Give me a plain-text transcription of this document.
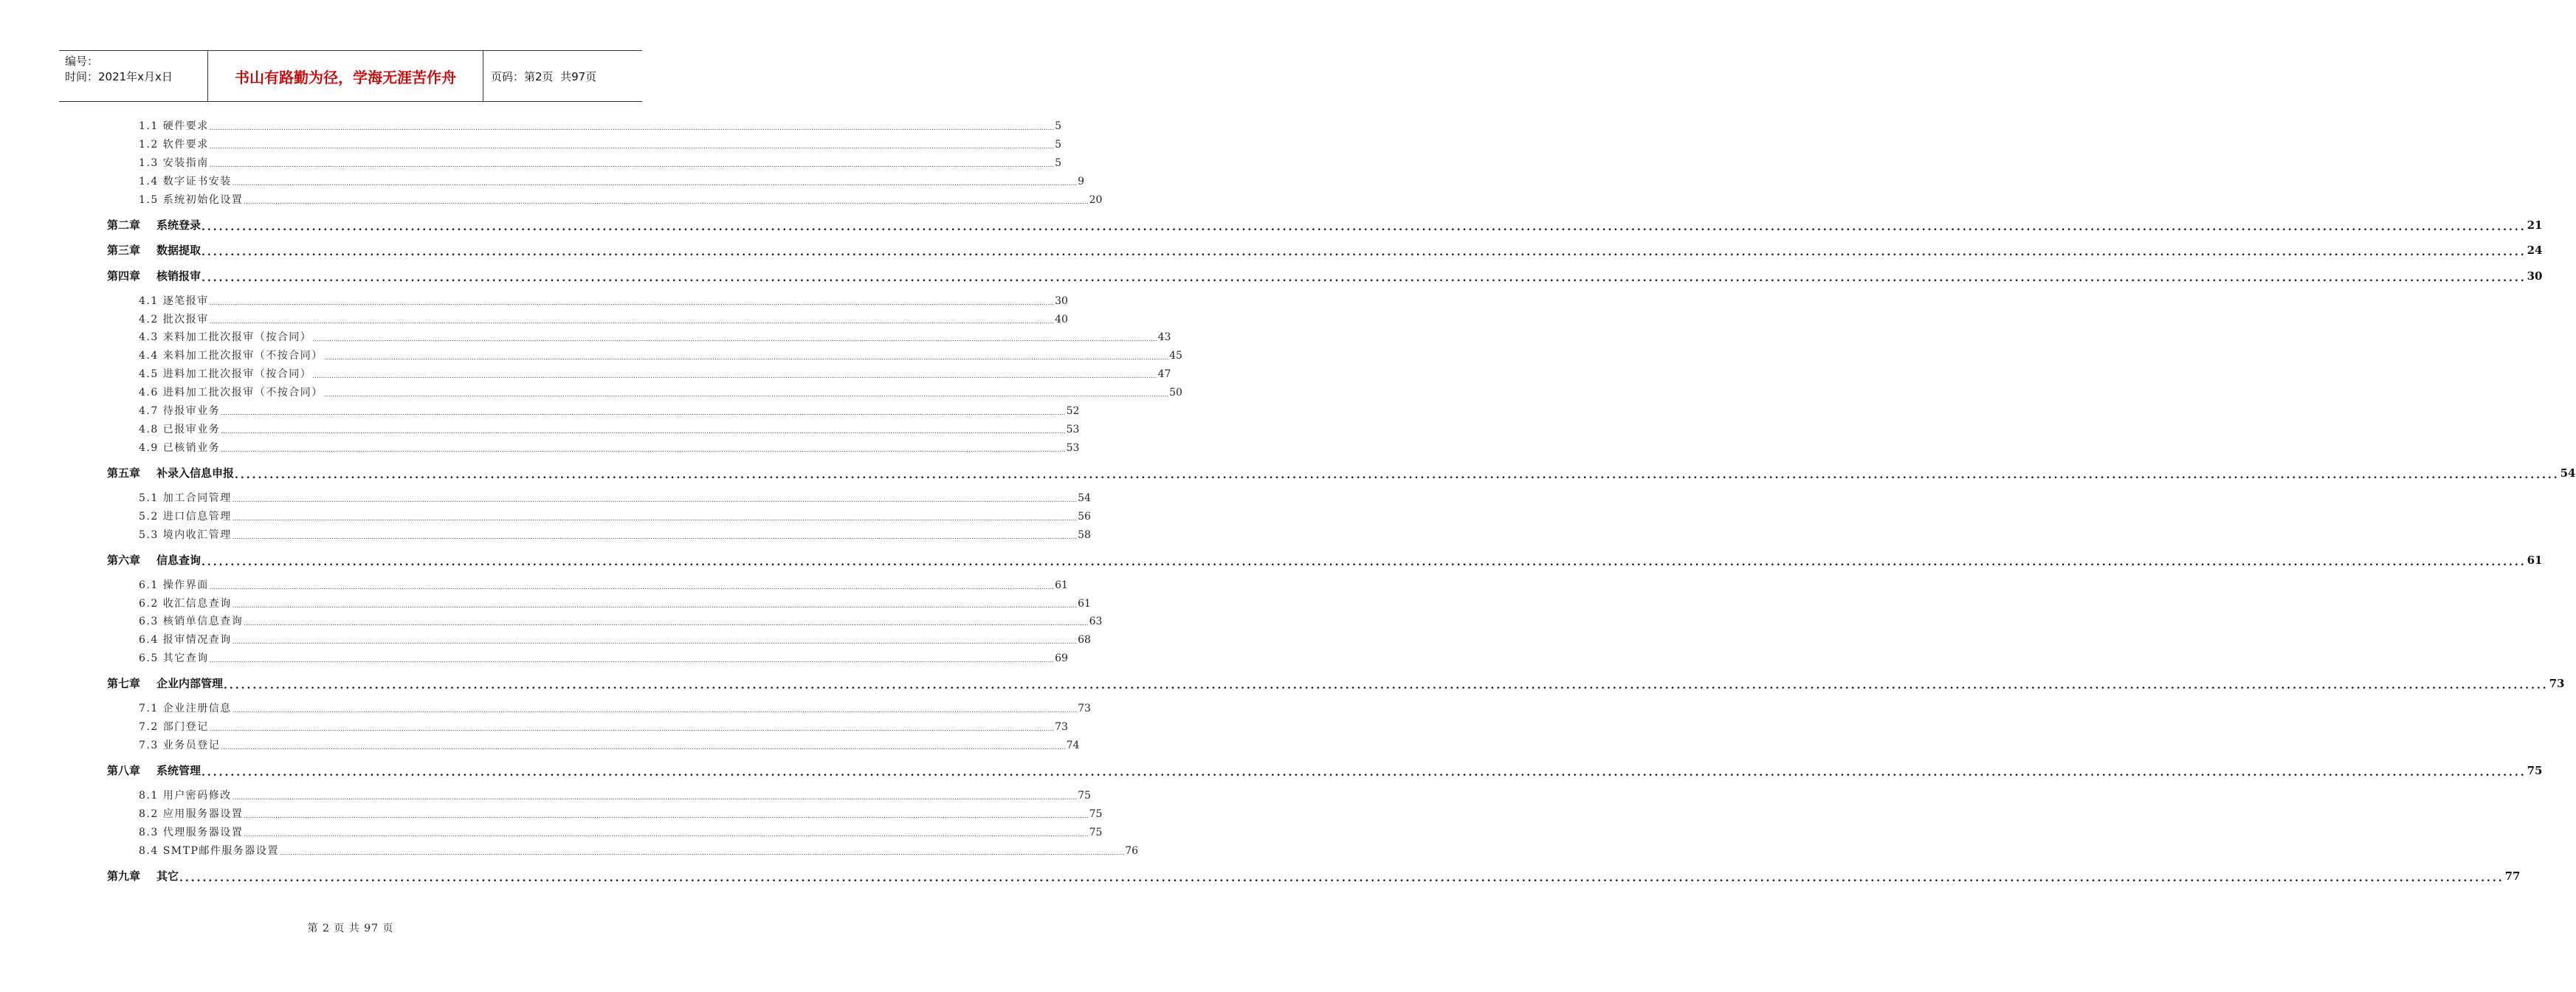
编号：
时间：2021年x月x日	书山有路勤为径，学海无涯苦作舟	页码：第2页  共97页
1.1 硬件要求 ................................................................................................................................................................................................................................................................................................................................................................................................................ 5
1.2 软件要求 ................................................................................................................................................................................................................................................................................................................................................................................................................ 5
1.3 安装指南 ................................................................................................................................................................................................................................................................................................................................................................................................................ 5
1.4 数字证书安装 ................................................................................................................................................................................................................................................................................................................................................................................................................ 9
1.5 系统初始化设置 ................................................................................................................................................................................................................................................................................................................................................................................................................ 20
第二章 系统登录 ................................................................................................................................................................................................................................................................................................................................................................................................................ 21
第三章 数据提取 ................................................................................................................................................................................................................................................................................................................................................................................................................ 24
第四章 核销报审 ................................................................................................................................................................................................................................................................................................................................................................................................................ 30
4.1 逐笔报审 ................................................................................................................................................................................................................................................................................................................................................................................................................ 30
4.2 批次报审 ................................................................................................................................................................................................................................................................................................................................................................................................................ 40
4.3 来料加工批次报审（按合同） ................................................................................................................................................................................................................................................................................................................................................................................................................ 43
4.4 来料加工批次报审（不按合同） ................................................................................................................................................................................................................................................................................................................................................................................................................ 45
4.5 进料加工批次报审（按合同） ................................................................................................................................................................................................................................................................................................................................................................................................................ 47
4.6 进料加工批次报审（不按合同） ................................................................................................................................................................................................................................................................................................................................................................................................................ 50
4.7 待报审业务 ................................................................................................................................................................................................................................................................................................................................................................................................................ 52
4.8 已报审业务 ................................................................................................................................................................................................................................................................................................................................................................................................................ 53
4.9 已核销业务 ................................................................................................................................................................................................................................................................................................................................................................................................................ 53
第五章 补录入信息申报 ................................................................................................................................................................................................................................................................................................................................................................................................................ 54
5.1 加工合同管理 ................................................................................................................................................................................................................................................................................................................................................................................................................ 54
5.2 进口信息管理 ................................................................................................................................................................................................................................................................................................................................................................................................................ 56
5.3 境内收汇管理 ................................................................................................................................................................................................................................................................................................................................................................................................................ 58
第六章 信息查询 ................................................................................................................................................................................................................................................................................................................................................................................................................ 61
6.1 操作界面 ................................................................................................................................................................................................................................................................................................................................................................................................................ 61
6.2 收汇信息查询 ................................................................................................................................................................................................................................................................................................................................................................................................................ 61
6.3 核销单信息查询 ................................................................................................................................................................................................................................................................................................................................................................................................................ 63
6.4 报审情况查询 ................................................................................................................................................................................................................................................................................................................................................................................................................ 68
6.5 其它查询 ................................................................................................................................................................................................................................................................................................................................................................................................................ 69
第七章 企业内部管理 ................................................................................................................................................................................................................................................................................................................................................................................................................ 73
7.1 企业注册信息 ................................................................................................................................................................................................................................................................................................................................................................................................................ 73
7.2 部门登记 ................................................................................................................................................................................................................................................................................................................................................................................................................ 73
7.3 业务员登记 ................................................................................................................................................................................................................................................................................................................................................................................................................ 74
第八章 系统管理 ................................................................................................................................................................................................................................................................................................................................................................................................................ 75
8.1 用户密码修改 ................................................................................................................................................................................................................................................................................................................................................................................................................ 75
8.2 应用服务器设置 ................................................................................................................................................................................................................................................................................................................................................................................................................ 75
8.3 代理服务器设置 ................................................................................................................................................................................................................................................................................................................................................................................................................ 75
8.4 SMTP邮件服务器设置 ................................................................................................................................................................................................................................................................................................................................................................................................................ 76
第九章 其它 ................................................................................................................................................................................................................................................................................................................................................................................................................ 77
第 2 页 共 97 页
